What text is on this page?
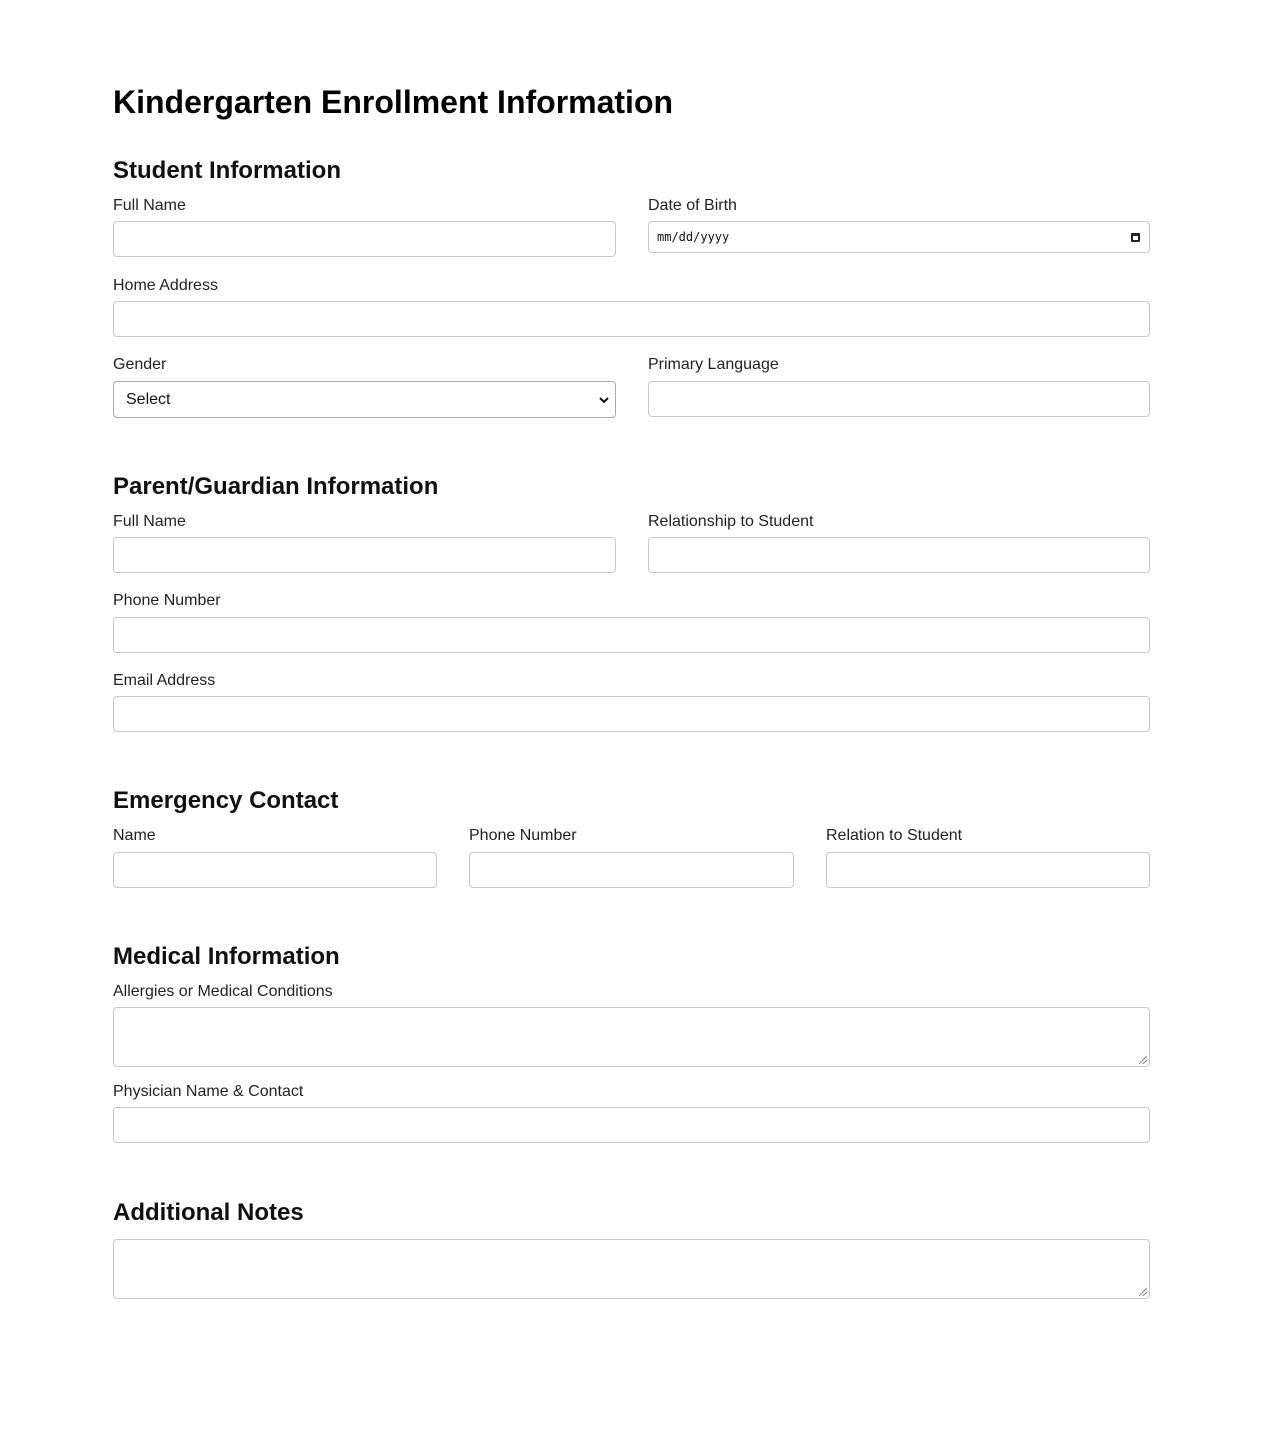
Kindergarten Enrollment Information
Student Information
Full Name	Date of Birth
mm/dd/yyyy
Home Address
Gender
Select
Primary Language
Parent/Guardian Information
Full Name	Relationship to Student
Phone Number
Email Address
Emergency Contact
Name	Phone Number	Relation to Student
Medical Information
Allergies or Medical Conditions
Physician Name & Contact
Additional Notes
